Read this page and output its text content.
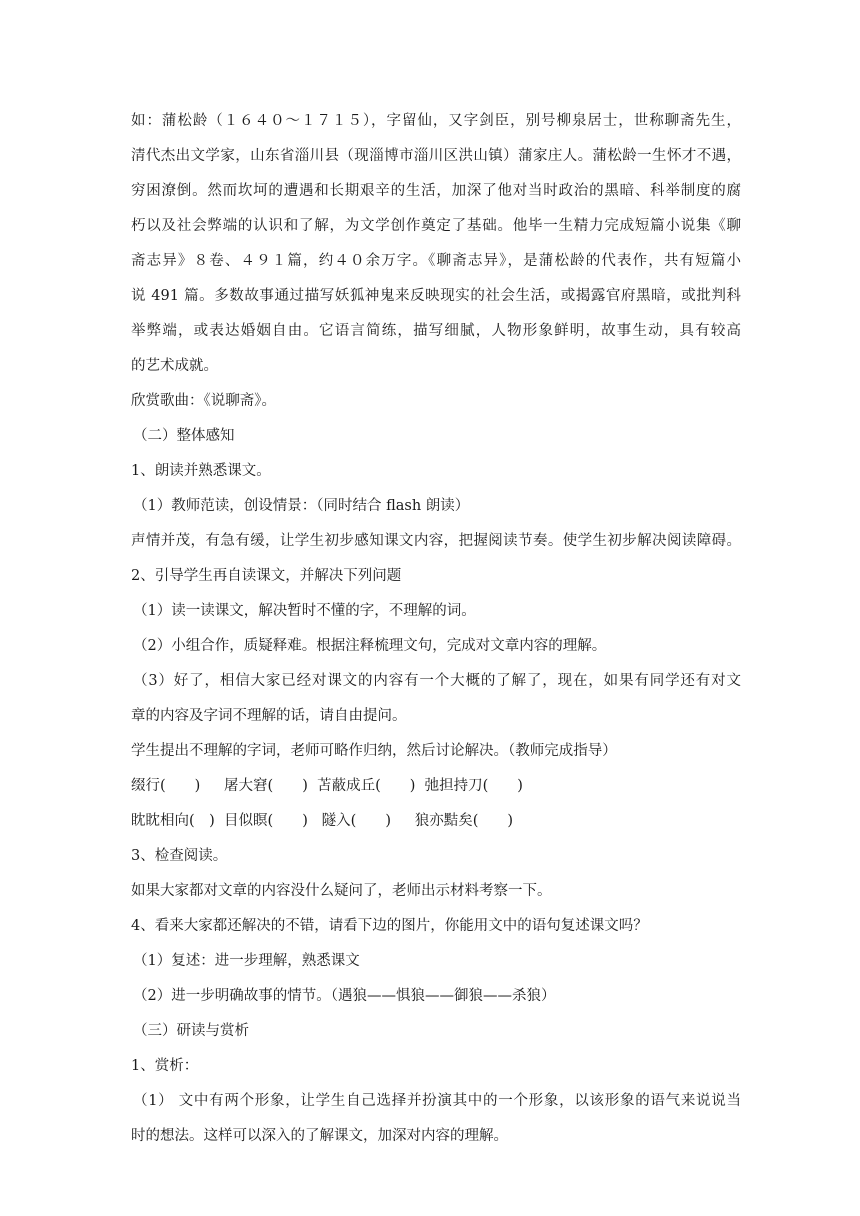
如：蒲松龄（１６４０～１７１５），字留仙，又字剑臣，别号柳泉居士，世称聊斋先生，
清代杰出文学家，山东省淄川县（现淄博市淄川区洪山镇）蒲家庄人。蒲松龄一生怀才不遇，
穷困潦倒。然而坎坷的遭遇和长期艰辛的生活，加深了他对当时政治的黑暗、科举制度的腐
朽以及社会弊端的认识和了解，为文学创作奠定了基础。他毕一生精力完成短篇小说集《聊
斋志异》８卷、４９１篇，约４０余万字。《聊斋志异》，是蒲松龄的代表作，共有短篇小
说 491 篇。多数故事通过描写妖狐神鬼来反映现实的社会生活，或揭露官府黑暗，或批判科
举弊端，或表达婚姻自由。它语言简练，描写细腻，人物形象鲜明，故事生动，具有较高
的艺术成就。
欣赏歌曲：《说聊斋》。
（二）整体感知
1、朗读并熟悉课文。
（1）教师范读，创设情景：（同时结合 flash 朗读）
声情并茂，有急有缓，让学生初步感知课文内容，把握阅读节奏。使学生初步解决阅读障碍。
2、引导学生再自读课文，并解决下列问题
（1）读一读课文，解决暂时不懂的字，不理解的词。
（2）小组合作，质疑释难。根据注释梳理文句，完成对文章内容的理解。
（3）好了，相信大家已经对课文的内容有一个大概的了解了，现在，如果有同学还有对文
章的内容及字词不理解的话，请自由提问。
学生提出不理解的字词，老师可略作归纳，然后讨论解决。（教师完成指导）
缀行(　　)　  屠大窘(　　)  苫蔽成丘(　　)  弛担持刀(　　)
眈眈相向(　)  目似瞑(　　)   隧入(　　)　  狼亦黠矣(　　)
3、检查阅读。
如果大家都对文章的内容没什么疑问了，老师出示材料考察一下。
4、看来大家都还解决的不错，请看下边的图片，你能用文中的语句复述课文吗？
（1）复述：进一步理解，熟悉课文
（2）进一步明确故事的情节。（遇狼——惧狼——御狼——杀狼）
（三）研读与赏析
1、赏析：
（1） 文中有两个形象，让学生自己选择并扮演其中的一个形象，以该形象的语气来说说当
时的想法。这样可以深入的了解课文，加深对内容的理解。
